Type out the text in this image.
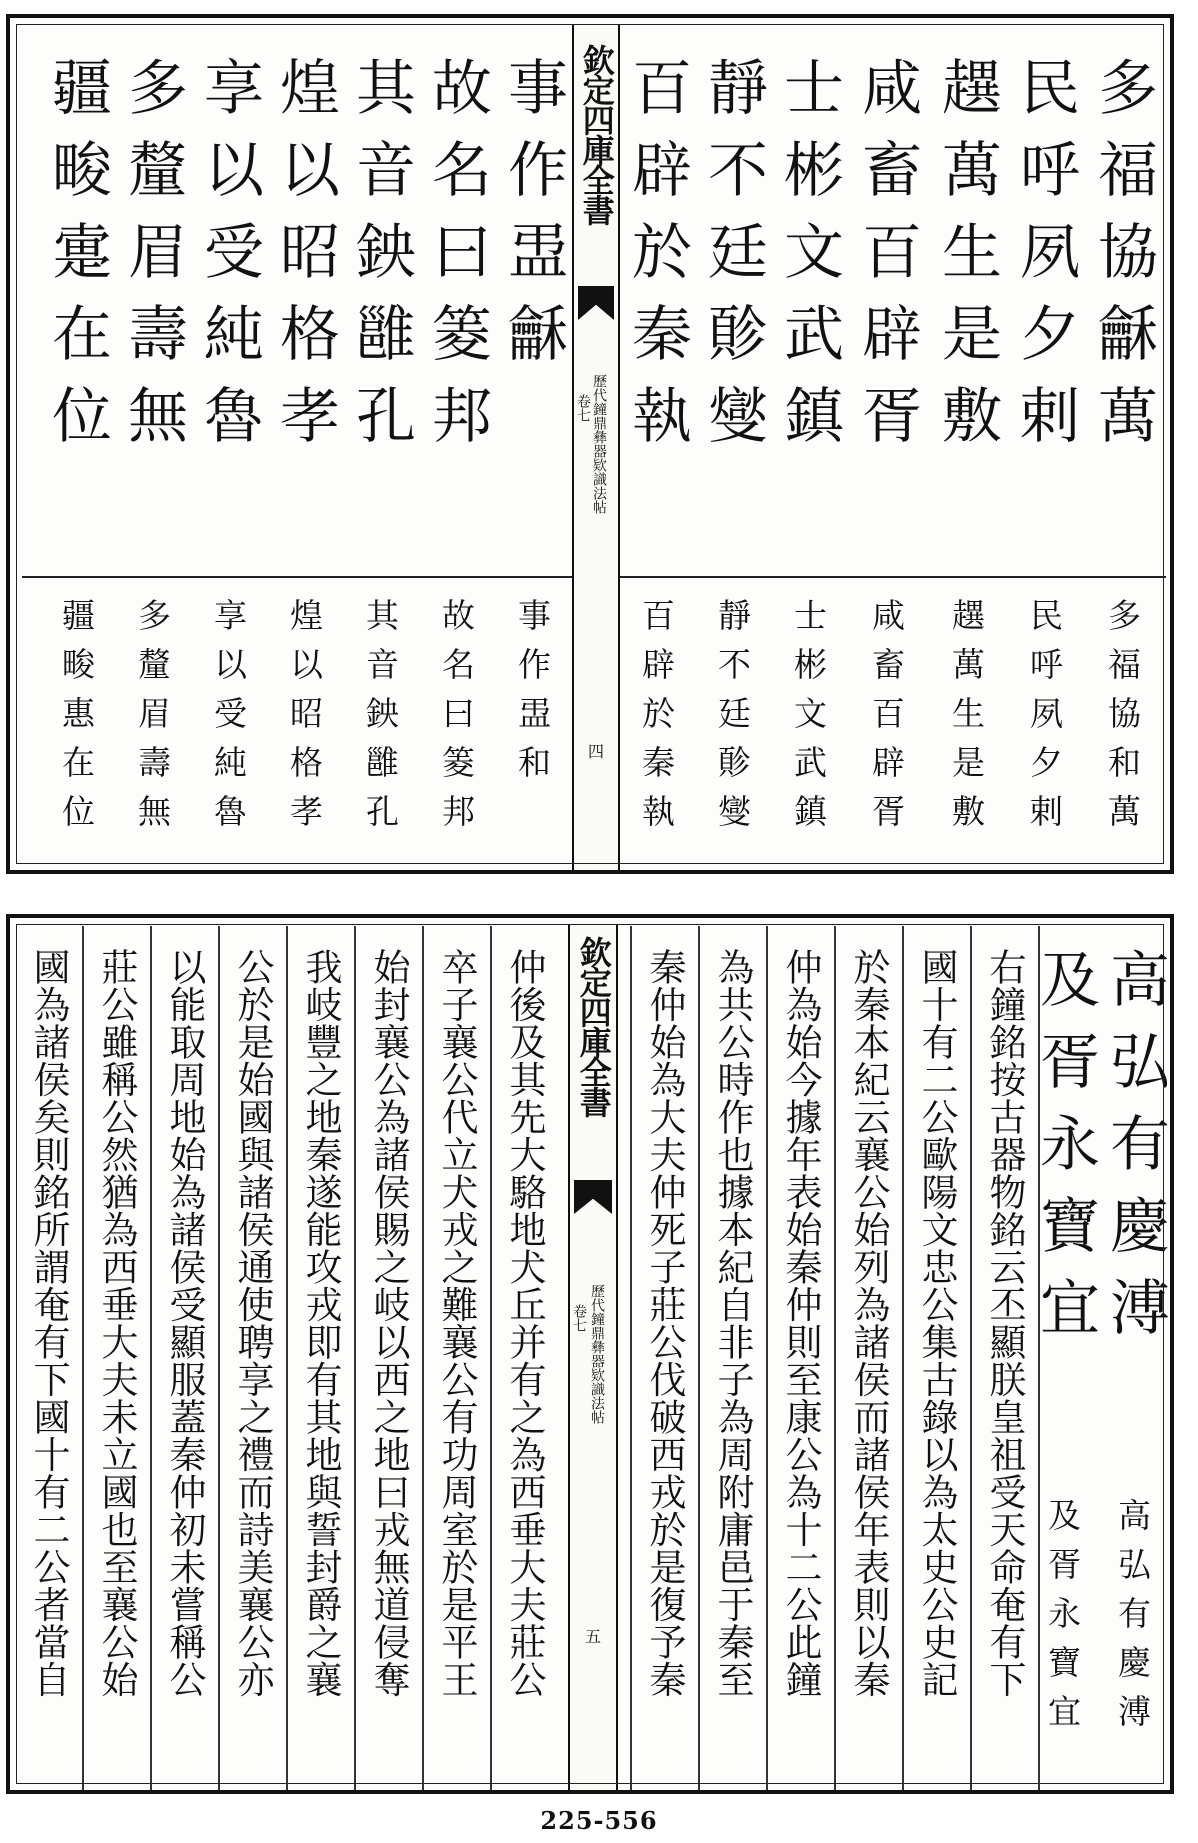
欽定四庫全書
歷代鐘鼎彝器欵識法帖
卷七
四
多福協龢萬
民呼夙夕剌
趩萬生是敷
咸畜百辟胥
士彬文武鎮
靜不廷䪾燮
百辟於秦執
多福協和萬
民呼夙夕剌
趩萬生是敷
咸畜百辟胥
士彬文武鎮
靜不廷䪾燮
百辟於秦執
事作盄龢
故名曰䈊邦
其音鉠雝孔
煌以昭格孝
享以受純魯
多釐眉壽無
疆畯疐在位
事作盄和
故名曰䈊邦
其音鉠雝孔
煌以昭格孝
享以受純魯
多釐眉壽無
疆畯惠在位
欽定四庫全書
歷代鐘鼎彝器欵識法帖
卷七
五
高弘有慶溥
及胥永寶宜
高弘有慶溥
及胥永寶宜
右鐘銘按古器物銘云丕顯朕皇祖受天命奄有下
國十有二公歐陽文忠公集古錄以為太史公史記
於秦本紀云襄公始列為諸侯而諸侯年表則以秦
仲為始今據年表始秦仲則至康公為十二公此鐘
為共公時作也據本紀自非子為周附庸邑于秦至
秦仲始為大夫仲死子莊公伐破西戎於是復予秦
仲後及其先大駱地犬丘并有之為西垂大夫莊公
卒子襄公代立犬戎之難襄公有功周室於是平王
始封襄公為諸侯賜之岐以西之地曰戎無道侵奪
我岐豐之地秦遂能攻戎即有其地與誓封爵之襄
公於是始國與諸侯通使聘享之禮而詩美襄公亦
以能取周地始為諸侯受顯服蓋秦仲初未嘗稱公
莊公雖稱公然猶為西垂大夫未立國也至襄公始
國為諸侯矣則銘所謂奄有下國十有二公者當自
225-556
